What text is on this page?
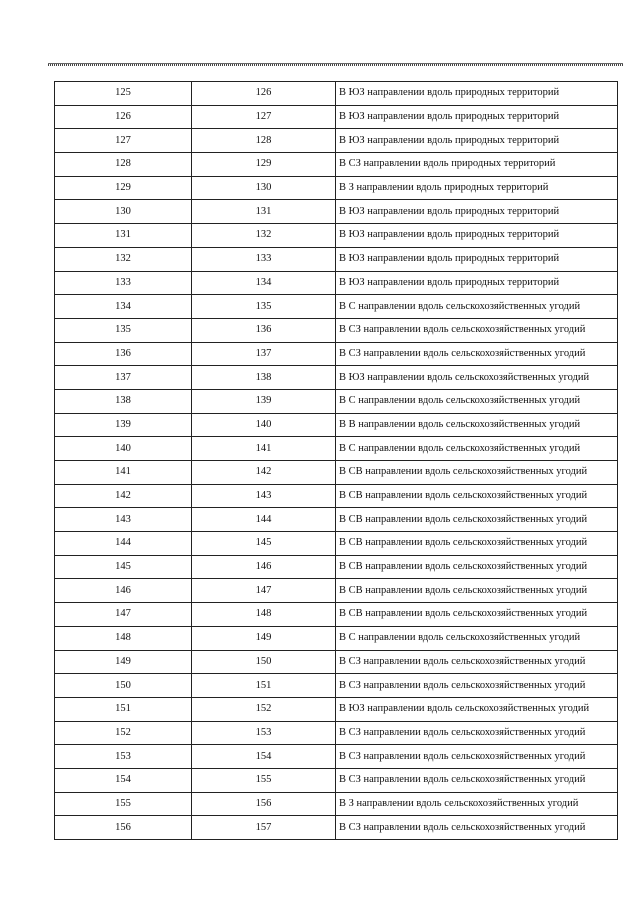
125	126	В ЮЗ направлении вдоль природных территорий
126	127	В ЮЗ направлении вдоль природных территорий
127	128	В ЮЗ направлении вдоль природных территорий
128	129	В СЗ направлении вдоль природных территорий
129	130	В З направлении вдоль природных территорий
130	131	В ЮЗ направлении вдоль природных территорий
131	132	В ЮЗ направлении вдоль природных территорий
132	133	В ЮЗ направлении вдоль природных территорий
133	134	В ЮЗ направлении вдоль природных территорий
134	135	В С направлении вдоль сельскохозяйственных угодий
135	136	В СЗ направлении вдоль сельскохозяйственных угодий
136	137	В СЗ направлении вдоль сельскохозяйственных угодий
137	138	В ЮЗ направлении вдоль сельскохозяйственных угодий
138	139	В С направлении вдоль сельскохозяйственных угодий
139	140	В В направлении вдоль сельскохозяйственных угодий
140	141	В С направлении вдоль сельскохозяйственных угодий
141	142	В СВ направлении вдоль сельскохозяйственных угодий
142	143	В СВ направлении вдоль сельскохозяйственных угодий
143	144	В СВ направлении вдоль сельскохозяйственных угодий
144	145	В СВ направлении вдоль сельскохозяйственных угодий
145	146	В СВ направлении вдоль сельскохозяйственных угодий
146	147	В СВ направлении вдоль сельскохозяйственных угодий
147	148	В СВ направлении вдоль сельскохозяйственных угодий
148	149	В С направлении вдоль сельскохозяйственных угодий
149	150	В СЗ направлении вдоль сельскохозяйственных угодий
150	151	В СЗ направлении вдоль сельскохозяйственных угодий
151	152	В ЮЗ направлении вдоль сельскохозяйственных угодий
152	153	В СЗ направлении вдоль сельскохозяйственных угодий
153	154	В СЗ направлении вдоль сельскохозяйственных угодий
154	155	В СЗ направлении вдоль сельскохозяйственных угодий
155	156	В З направлении вдоль сельскохозяйственных угодий
156	157	В СЗ направлении вдоль сельскохозяйственных угодий
